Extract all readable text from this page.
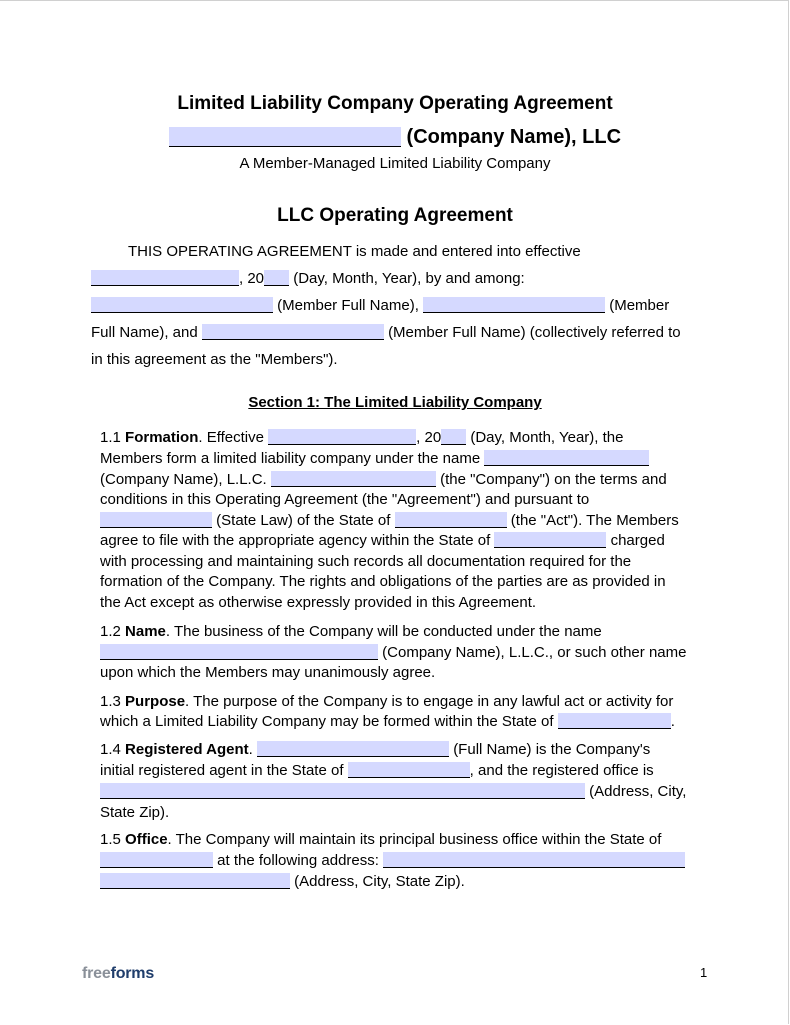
Limited Liability Company Operating Agreement
(Company Name), LLC
A Member-Managed Limited Liability Company
LLC Operating Agreement
THIS OPERATING AGREEMENT is made and entered into effective
, 20 (Day, Month, Year), by and among:
(Member Full Name),	(Member
Full Name), and	(Member Full Name) (collectively referred to
in this agreement as the "Members").
Section 1: The Limited Liability Company
1.1 Formation. Effective	, 20 (Day, Month, Year), the
Members form a limited liability company under the name
(Company Name), L.L.C.	(the "Company") on the terms and
conditions in this Operating Agreement (the "Agreement") and pursuant to
(State Law) of the State of	(the "Act"). The Members
agree to file with the appropriate agency within the State of	charged
with processing and maintaining such records all documentation required for the
formation of the Company. The rights and obligations of the parties are as provided in
the Act except as otherwise expressly provided in this Agreement.
1.2 Name. The business of the Company will be conducted under the name
(Company Name), L.L.C., or such other name
upon which the Members may unanimously agree.
1.3 Purpose. The purpose of the Company is to engage in any lawful act or activity for
which a Limited Liability Company may be formed within the State of	.
1.4 Registered Agent.	(Full Name) is the Company's
initial registered agent in the State of	, and the registered office is
(Address, City,
State Zip).
1.5 Office. The Company will maintain its principal business office within the State of
at the following address:
(Address, City, State Zip).
freeforms	1
